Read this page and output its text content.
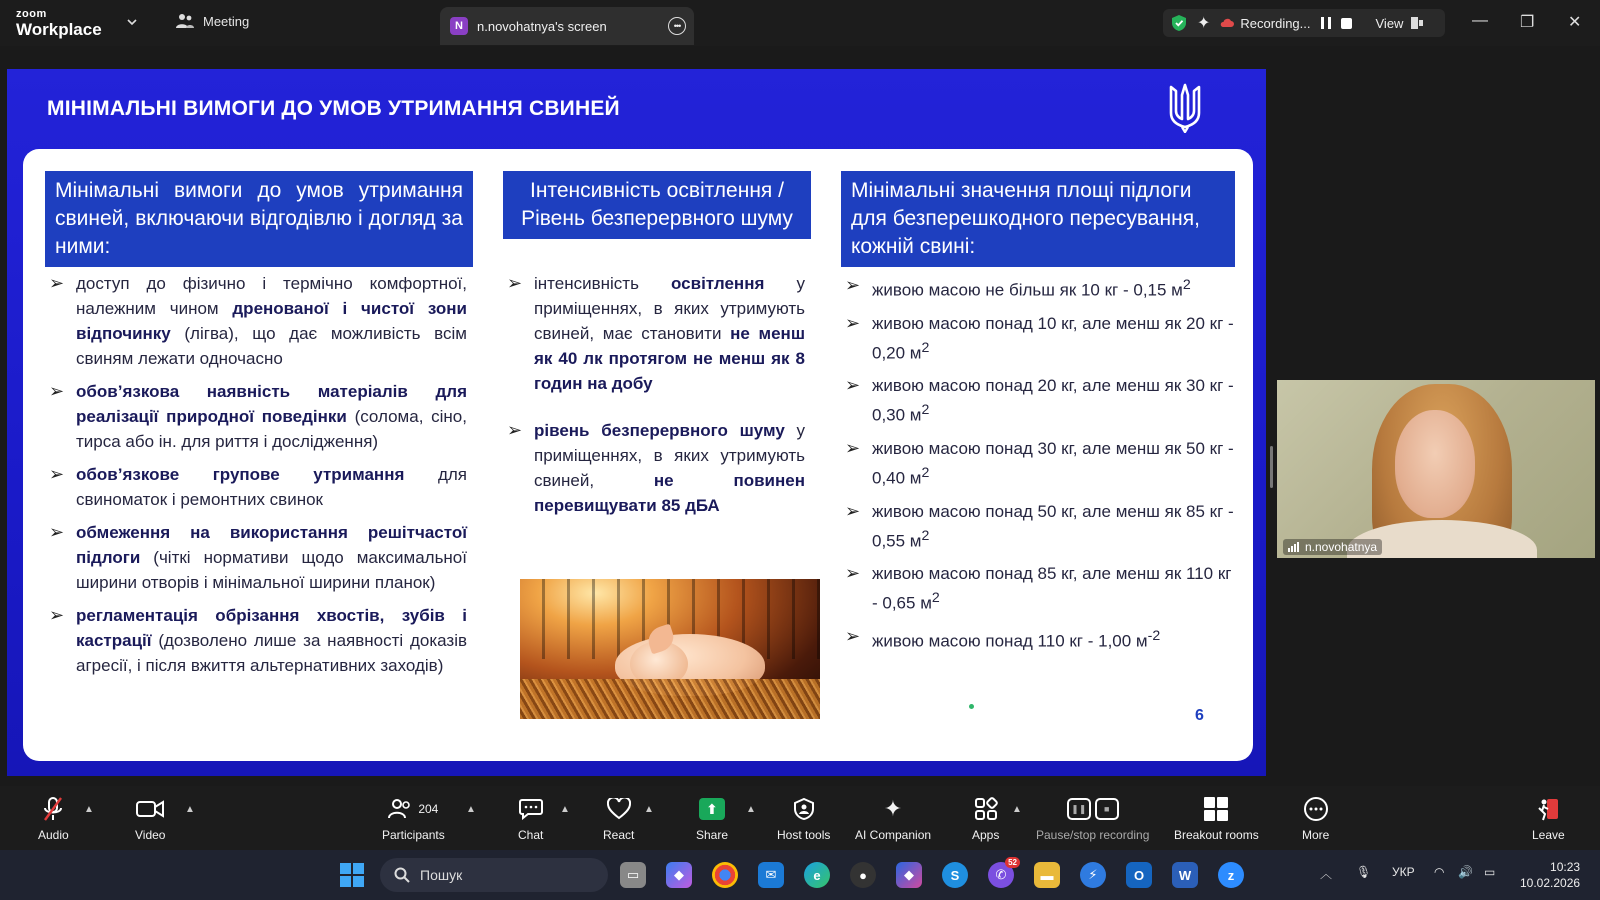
zoom
Workplace	Meeting	N	n.novohatnya's screen	•••	✦ Recording...	View	— ❐ ✕
МІНІМАЛЬНІ ВИМОГИ ДО УМОВ УТРИМАННЯ СВИНЕЙ
Мінімальні вимоги до умов утримання свиней, включаючи відгодівлю і догляд за ними:
➢ доступ до фізично і термічно комфортної, належним чином дренованої і чистої зони відпочинку (лігва), що дає можливість всім свиням лежати одночасно
➢ обов’язкова наявність матеріалів для реалізації природної поведінки (солома, сіно, тирса або ін. для риття і дослідження)
➢ обов’язкове групове утримання для свиноматок і ремонтних свинок
➢ обмеження на використання решітчастої підлоги (чіткі нормативи щодо максимальної ширини отворів і мінімальної ширини планок)
➢ регламентація обрізання хвостів, зубів і кастрації (дозволено лише за наявності доказів агресії, і після вжиття альтернативних заходів)
Інтенсивність освітлення / Рівень безперервного шуму
➢ інтенсивність освітлення у приміщеннях, в яких утримують свиней, має становити не менш як 40 лк протягом не менш як 8 годин на добу
➢ рівень безперервного шуму у приміщеннях, в яких утримують свиней, не повинен перевищувати 85 дБА
Мінімальні значення площі підлоги для безперешкодного пересування, кожній свині:
➢ живою масою не більш як 10 кг - 0,15 $м^2$
➢ живою масою понад 10 кг, але менш як 20 кг - 0,20 $м^2$
➢ живою масою понад 20 кг, але менш як 30 кг - 0,30 $м^2$
➢ живою масою понад 30 кг, але менш як 50 кг - 0,40 $м^2$
➢ живою масою понад 50 кг, але менш як 85 кг - 0,55 $м^2$
➢ живою масою понад 85 кг, але менш як 110 кг - 0,65 $м^2$
➢ живою масою понад 110 кг - 1,00 $м^{-2}$
6
n.novohatnya
Audio
▲
Video
▲	204
Participants
▲
Chat
▲
React
▲	⬆
Share
▲
Host tools
✦
AI Companion	Apps
▲	❚❚	■
Pause/stop recording Breakout rooms	More	Leave
Пошук	▭	◆	✉	e	●	◆	S	✆
52
▬	⚡	O	W	z	︿ 🎙 УКР ◠ 🔊 ▭	10:23
10.02.2026
